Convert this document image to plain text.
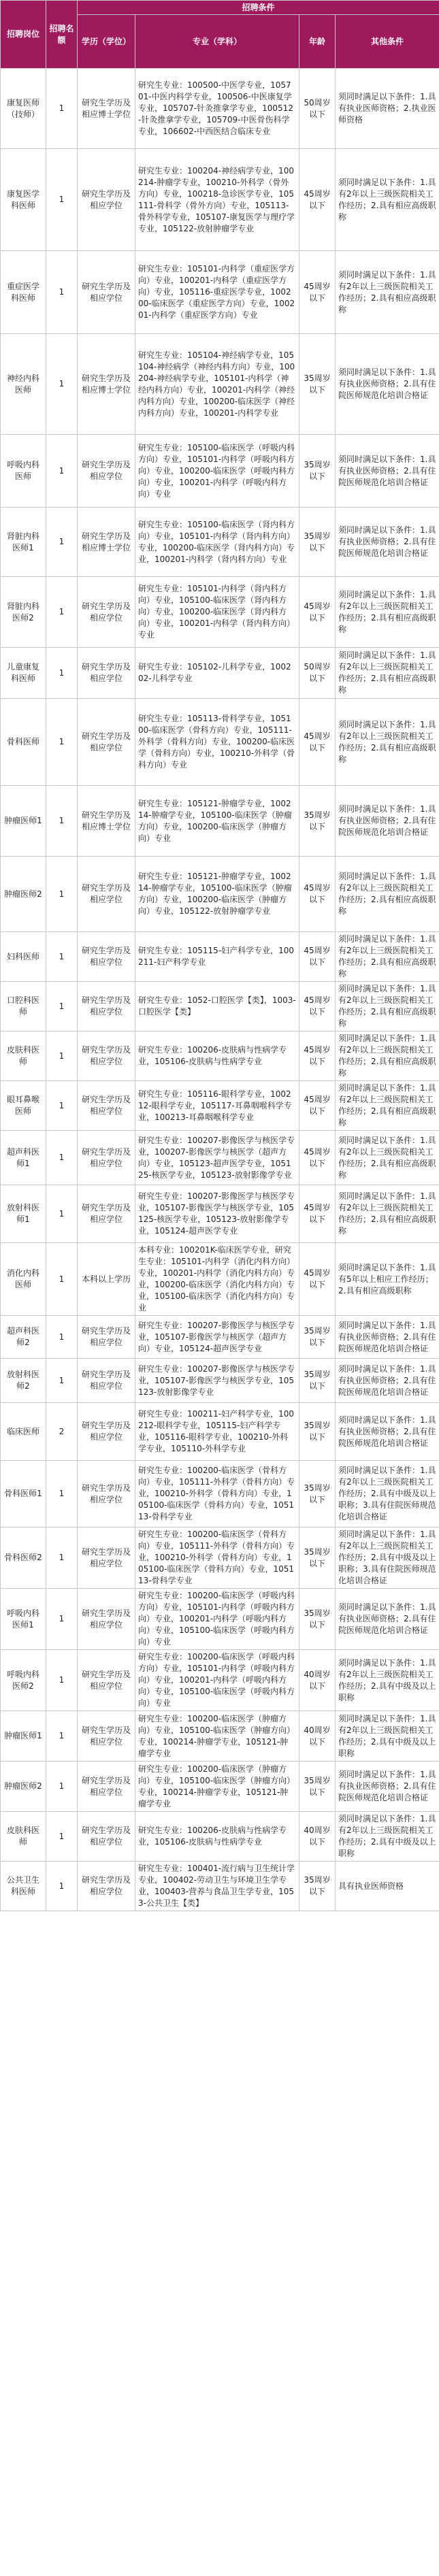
招聘岗位	招聘名额	招聘条件			
		学历（学位）	专业（学科）	年龄	其他条件
康复医师（技师）	1	研究生学历及相应博士学位	研究生专业：100500-中医学专业，105701-中医内科学专业，100506-中医康复学专业，105707-针灸推拿学专业，100512-针灸推拿学专业，105709-中医骨伤科学专业，106602-中西医结合临床专业	50周岁以下	须同时满足以下条件：1.具有执业医师资格；2.执业医师资格
康复医学科医师	1	研究生学历及相应学位	研究生专业：100204-神经病学专业，100214-肿瘤学专业，100210-外科学（骨外方向）专业，100218-急诊医学专业，105111-骨科学（骨外方向）专业，105113-骨外科学专业，105107-康复医学与理疗学专业，105122-放射肿瘤学专业	45周岁以下	须同时满足以下条件：1.具有2年以上三级医院相关工作经历；2.具有相应高级职称
重症医学科医师	1	研究生学历及相应学位	研究生专业：105101-内科学（重症医学方向）专业，100201-内科学（重症医学方向）专业，105116-重症医学专业，100200-临床医学（重症医学方向）专业，100201-内科学（重症医学方向）专业	45周岁以下	须同时满足以下条件：1.具有2年以上三级医院相关工作经历；2.具有相应高级职称
神经内科医师	1	研究生学历及相应博士学位	研究生专业：105104-神经病学专业，105104-神经病学（神经内科方向）专业，100204-神经病学专业，105101-内科学（神经内科方向）专业，100201-内科学（神经内科方向）专业，100200-临床医学（神经内科方向）专业，100201-内科学专业	35周岁以下	须同时满足以下条件：1.具有执业医师资格；2.具有住院医师规范化培训合格证
呼吸内科医师	1	研究生学历及相应学位	研究生专业：105100-临床医学（呼吸内科方向）专业，105101-内科学（呼吸内科方向）专业，100200-临床医学（呼吸内科方向）专业，100201-内科学（呼吸内科方向）专业	35周岁以下	须同时满足以下条件：1.具有执业医师资格；2.具有住院医师规范化培训合格证
肾脏内科医师1	1	研究生学历及相应博士学位	研究生专业：105100-临床医学（肾内科方向）专业，105101-内科学（肾内科方向）专业，100200-临床医学（肾内科方向）专业，100201-内科学（肾内科方向）专业	35周岁以下	须同时满足以下条件：1.具有执业医师资格；2.具有住院医师规范化培训合格证
肾脏内科医师2	1	研究生学历及相应学位	研究生专业：105101-内科学（肾内科方向）专业，105100-临床医学（肾内科方向）专业，100200-临床医学（肾内科方向）专业，100201-内科学（肾内科方向）专业	45周岁以下	须同时满足以下条件：1.具有2年以上三级医院相关工作经历；2.具有相应高级职称
儿童康复科医师	1	研究生学历及相应学位	研究生专业：105102-儿科学专业，100202-儿科学专业	50周岁以下	须同时满足以下条件：1.具有2年以上三级医院相关工作经历；2.具有相应高级职称
骨科医师	1	研究生学历及相应学位	研究生专业：105113-骨科学专业，105100-临床医学（骨科方向）专业，105111-外科学（骨科方向）专业，100200-临床医学（骨科方向）专业，100210-外科学（骨科方向）专业	45周岁以下	须同时满足以下条件：1.具有2年以上三级医院相关工作经历；2.具有相应高级职称
肿瘤医师1	1	研究生学历及相应博士学位	研究生专业：105121-肿瘤学专业，100214-肿瘤学专业，105100-临床医学（肿瘤方向）专业，100200-临床医学（肿瘤方向）专业	35周岁以下	须同时满足以下条件：1.具有执业医师资格；2.具有住院医师规范化培训合格证
肿瘤医师2	1	研究生学历及相应学位	研究生专业：105121-肿瘤学专业，100214-肿瘤学专业，105100-临床医学（肿瘤方向）专业，100200-临床医学（肿瘤方向）专业，105122-放射肿瘤学专业	45周岁以下	须同时满足以下条件：1.具有2年以上三级医院相关工作经历；2.具有相应高级职称
妇科医师	1	研究生学历及相应学位	研究生专业：105115-妇产科学专业，100211-妇产科学专业	45周岁以下	须同时满足以下条件：1.具有2年以上三级医院相关工作经历；2.具有相应高级职称
口腔科医师	1	研究生学历及相应学位	研究生专业：1052-口腔医学【类】，1003-口腔医学【类】	45周岁以下	须同时满足以下条件：1.具有2年以上三级医院相关工作经历；2.具有相应高级职称
皮肤科医师	1	研究生学历及相应学位	研究生专业：100206-皮肤病与性病学专业，105106-皮肤病与性病学专业	45周岁以下	须同时满足以下条件：1.具有2年以上三级医院相关工作经历；2.具有相应高级职称
眼耳鼻喉医师	1	研究生学历及相应学位	研究生专业：105116-眼科学专业，100212-眼科学专业，105117-耳鼻咽喉科学专业，100213-耳鼻咽喉科学专业	45周岁以下	须同时满足以下条件：1.具有2年以上三级医院相关工作经历；2.具有相应高级职称
超声科医师1	1	研究生学历及相应学位	研究生专业：100207-影像医学与核医学专业，100207-影像医学与核医学（超声方向）专业，105123-超声医学专业，105125-核医学专业，105123-放射影像学专业	45周岁以下	须同时满足以下条件：1.具有2年以上三级医院相关工作经历；2.具有相应高级职称
放射科医师1	1	研究生学历及相应学位	研究生专业：100207-影像医学与核医学专业，105107-影像医学与核医学专业，105125-核医学专业，105123-放射影像学专业，105124-超声医学专业	45周岁以下	须同时满足以下条件：1.具有2年以上三级医院相关工作经历；2.具有相应高级职称
消化内科医师	1	本科以上学历	本科专业：100201K-临床医学专业，研究生专业：105101-内科学（消化内科方向）专业，100201-内科学（消化内科方向）专业，100200-临床医学（消化内科方向）专业，105100-临床医学（消化内科方向）专业	45周岁以下	须同时满足以下条件：1.具有5年以上相应工作经历；2.具有相应高级职称
超声科医师2	1	研究生学历及相应学位	研究生专业：100207-影像医学与核医学专业，105107-影像医学与核医学（超声方向）专业，105124-超声医学专业	35周岁以下	须同时满足以下条件：1.具有执业医师资格；2.具有住院医师规范化培训合格证
放射科医师2	1	研究生学历及相应学位	研究生专业：100207-影像医学与核医学专业，105107-影像医学与核医学专业，105123-放射影像学专业	35周岁以下	须同时满足以下条件：1.具有执业医师资格；2.具有住院医师规范化培训合格证
临床医师	2	研究生学历及相应学位	研究生专业：100211-妇产科学专业，100212-眼科学专业，105115-妇产科学专业，105116-眼科学专业，100210-外科学专业，105110-外科学专业	35周岁以下	须同时满足以下条件：1.具有执业医师资格；2.具有住院医师规范化培训合格证
骨科医师1	1	研究生学历及相应学位	研究生专业：100200-临床医学（骨科方向）专业，105111-外科学（骨科方向）专业，100210-外科学（骨科方向）专业，105100-临床医学（骨科方向）专业，105113-骨科学专业	35周岁以下	须同时满足以下条件：1.具有2年以上三级医院相关工作经历；2.具有中级及以上职称；3.具有住院医师规范化培训合格证
骨科医师2	1	研究生学历及相应学位	研究生专业：100200-临床医学（骨科方向）专业，105111-外科学（骨科方向）专业，100210-外科学（骨科方向）专业，105100-临床医学（骨科方向）专业，105113-骨科学专业	35周岁以下	须同时满足以下条件：1.具有2年以上三级医院相关工作经历；2.具有中级及以上职称；3.具有住院医师规范化培训合格证
呼吸内科医师1	1	研究生学历及相应学位	研究生专业：100200-临床医学（呼吸内科方向）专业，105101-内科学（呼吸内科方向）专业，100201-内科学（呼吸内科方向）专业，105100-临床医学（呼吸内科方向）专业	35周岁以下	须同时满足以下条件：1.具有执业医师资格；2.具有住院医师规范化培训合格证
呼吸内科医师2	1	研究生学历及相应学位	研究生专业：100200-临床医学（呼吸内科方向）专业，105101-内科学（呼吸内科方向）专业，100201-内科学（呼吸内科方向）专业，105100-临床医学（呼吸内科方向）专业	40周岁以下	须同时满足以下条件：1.具有2年以上三级医院相关工作经历；2.具有中级及以上职称
肿瘤医师1	1	研究生学历及相应学位	研究生专业：100200-临床医学（肿瘤方向）专业，105100-临床医学（肿瘤方向）专业，100214-肿瘤学专业，105121-肿瘤学专业	40周岁以下	须同时满足以下条件：1.具有2年以上三级医院相关工作经历；2.具有中级及以上职称
肿瘤医师2	1	研究生学历及相应学位	研究生专业：100200-临床医学（肿瘤方向）专业，105100-临床医学（肿瘤方向）专业，100214-肿瘤学专业，105121-肿瘤学专业	35周岁以下	须同时满足以下条件：1.具有执业医师资格；2.具有住院医师规范化培训合格证
皮肤科医师	1	研究生学历及相应学位	研究生专业：100206-皮肤病与性病学专业，105106-皮肤病与性病学专业	40周岁以下	须同时满足以下条件：1.具有2年以上三级医院相关工作经历；2.具有中级及以上职称
公共卫生科医师	1	研究生学历及相应学位	研究生专业：100401-流行病与卫生统计学专业，100402-劳动卫生与环境卫生学专业，100403-营养与食品卫生学专业，1053-公共卫生【类】	35周岁以下	具有执业医师资格
